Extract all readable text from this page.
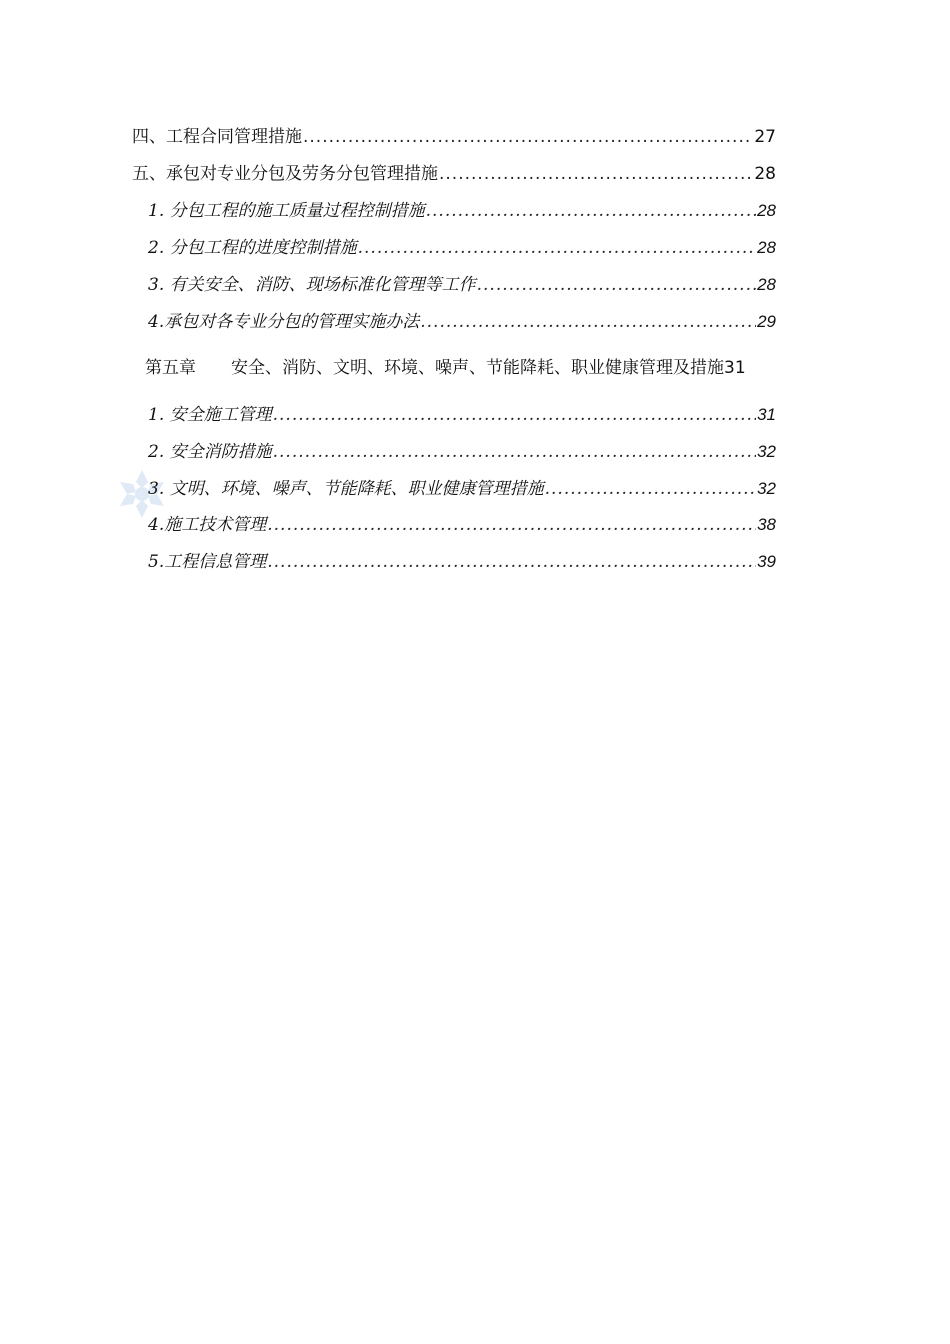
四、工程合同管理措施 .....	27
五、承包对专业分包及劳务分包管理措施 .....	28
1. 分包工程的施工质量过程控制措施 .....	28
2. 分包工程的进度控制措施 .....	28
3. 有关安全、消防、现场标准化管理等工作 .....	28
4.承包对各专业分包的管理实施办法 .....	29
第五章 安全、消防、文明、环境、噪声、节能降耗、职业健康管理及措施31
1. 安全施工管理 .....	31
2. 安全消防措施 .....	32
3. 文明、环境、噪声、节能降耗、职业健康管理措施 .....	32
4.施工技术管理 .....	38
5.工程信息管理 .....	39
